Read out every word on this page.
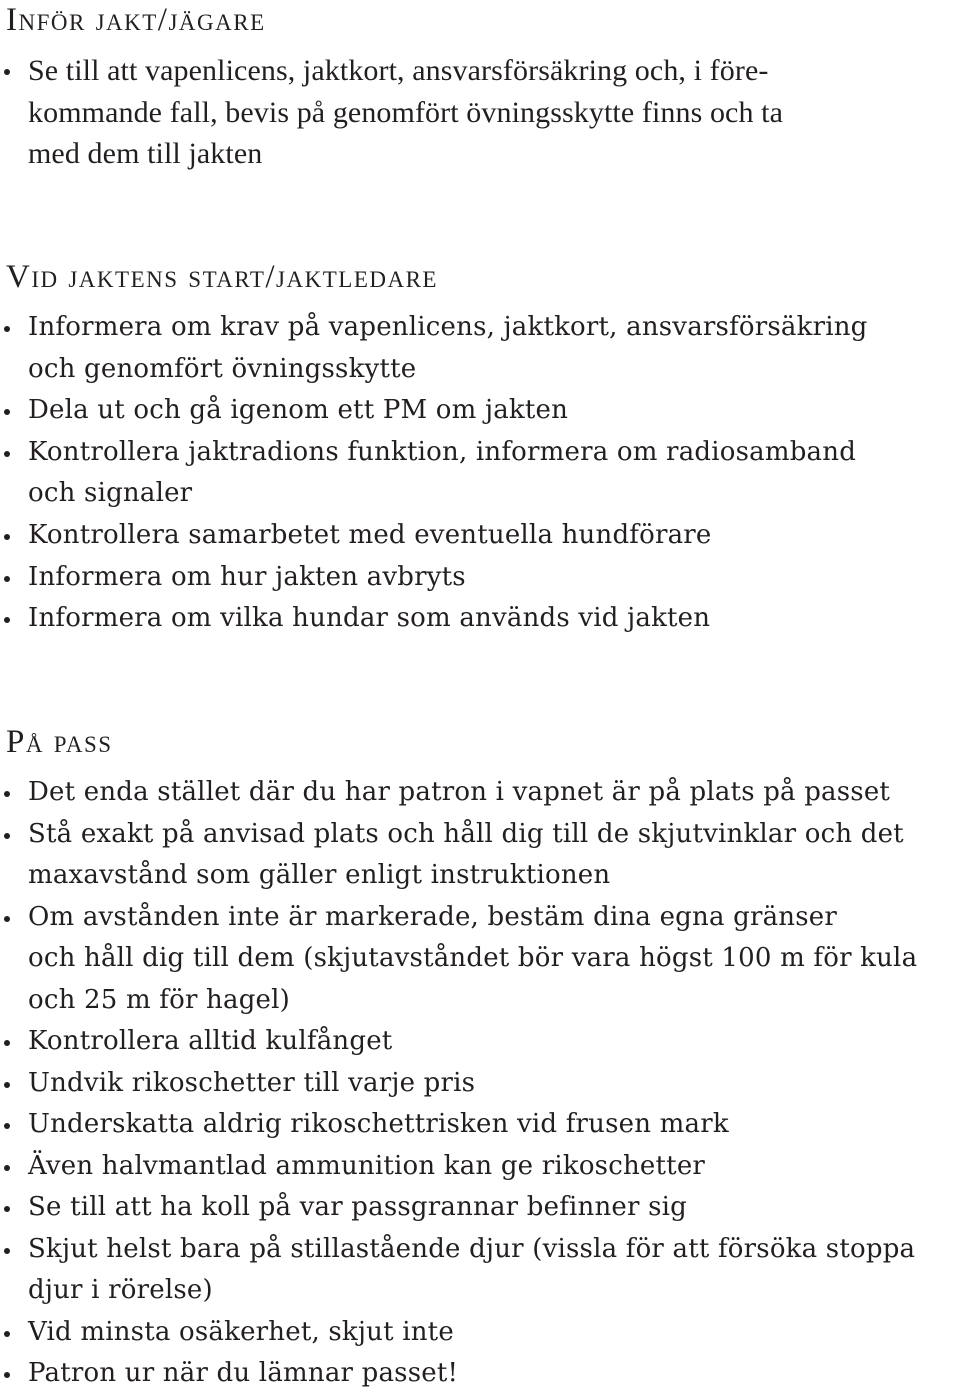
Inför jakt/jägare
Se till att vapenlicens, jaktkort, ansvarsförsäkring och, i före-
kommande fall, bevis på genomfört övningsskytte finns och ta
med dem till jakten
Vid jaktens start/jaktledare
Informera om krav på vapenlicens, jaktkort, ansvarsförsäkring
och genomfört övningsskytte
Dela ut och gå igenom ett PM om jakten
Kontrollera jaktradions funktion, informera om radiosamband
och signaler
Kontrollera samarbetet med eventuella hundförare
Informera om hur jakten avbryts
Informera om vilka hundar som används vid jakten
På pass
Det enda stället där du har patron i vapnet är på plats på passet
Stå exakt på anvisad plats och håll dig till de skjutvinklar och det
maxavstånd som gäller enligt instruktionen
Om avstånden inte är markerade, bestäm dina egna gränser
och håll dig till dem (skjutavståndet bör vara högst 100 m för kula
och 25 m för hagel)
Kontrollera alltid kulfånget
Undvik rikoschetter till varje pris
Underskatta aldrig rikoschettrisken vid frusen mark
Även halvmantlad ammunition kan ge rikoschetter
Se till att ha koll på var passgrannar befinner sig
Skjut helst bara på stillastående djur (vissla för att försöka stoppa
djur i rörelse)
Vid minsta osäkerhet, skjut inte
Patron ur när du lämnar passet!
